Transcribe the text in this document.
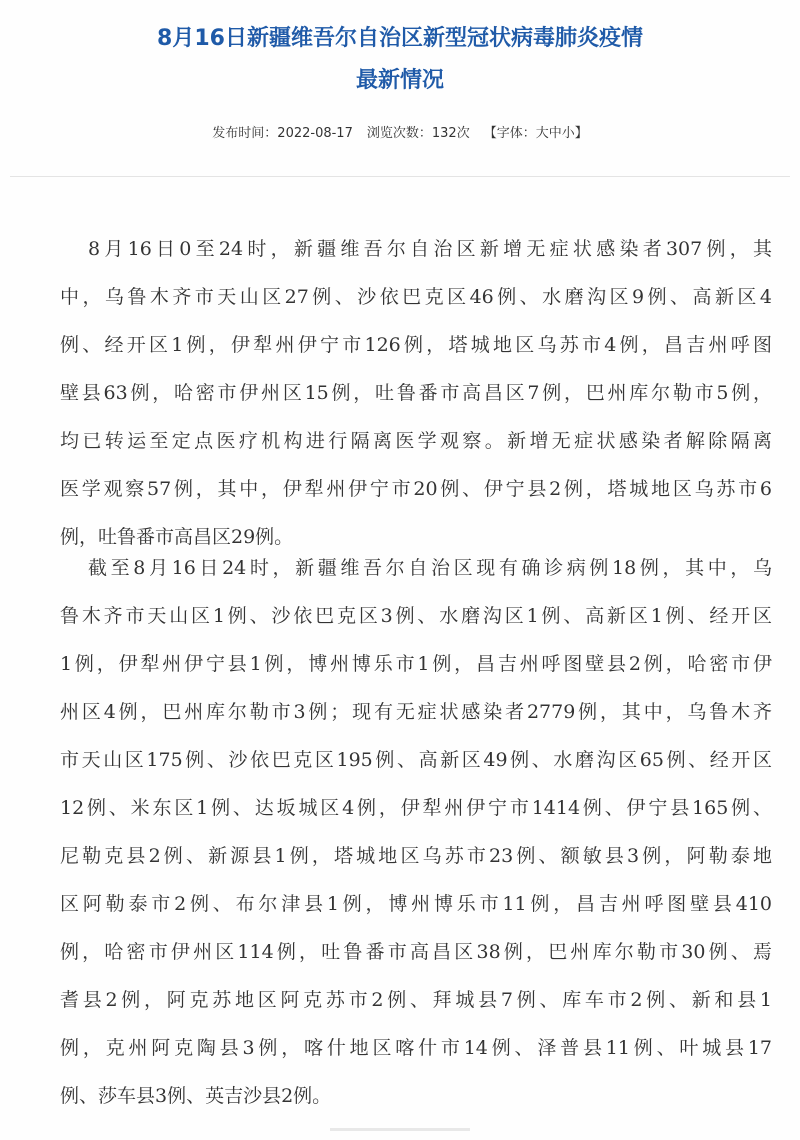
8月16日新疆维吾尔自治区新型冠状病毒肺炎疫情
最新情况
发布时间：2022-08-17 浏览次数：132次 【字体：大中小】
8月16日0至24时，新疆维吾尔自治区新增无症状感染者307例，其
中，乌鲁木齐市天山区27例、沙依巴克区46例、水磨沟区9例、高新区4
例、经开区1例，伊犁州伊宁市126例，塔城地区乌苏市4例，昌吉州呼图
壁县63例，哈密市伊州区15例，吐鲁番市高昌区7例，巴州库尔勒市5例，
均已转运至定点医疗机构进行隔离医学观察。新增无症状感染者解除隔离
医学观察57例，其中，伊犁州伊宁市20例、伊宁县2例，塔城地区乌苏市6
例，吐鲁番市高昌区29例。
截至8月16日24时，新疆维吾尔自治区现有确诊病例18例，其中，乌
鲁木齐市天山区1例、沙依巴克区3例、水磨沟区1例、高新区1例、经开区
1例，伊犁州伊宁县1例，博州博乐市1例，昌吉州呼图壁县2例，哈密市伊
州区4例，巴州库尔勒市3例；现有无症状感染者2779例，其中，乌鲁木齐
市天山区175例、沙依巴克区195例、高新区49例、水磨沟区65例、经开区
12例、米东区1例、达坂城区4例，伊犁州伊宁市1414例、伊宁县165例、
尼勒克县2例、新源县1例，塔城地区乌苏市23例、额敏县3例，阿勒泰地
区阿勒泰市2例、布尔津县1例，博州博乐市11例，昌吉州呼图壁县410
例，哈密市伊州区114例，吐鲁番市高昌区38例，巴州库尔勒市30例、焉
耆县2例，阿克苏地区阿克苏市2例、拜城县7例、库车市2例、新和县1
例，克州阿克陶县3例，喀什地区喀什市14例、泽普县11例、叶城县17
例、莎车县3例、英吉沙县2例。
